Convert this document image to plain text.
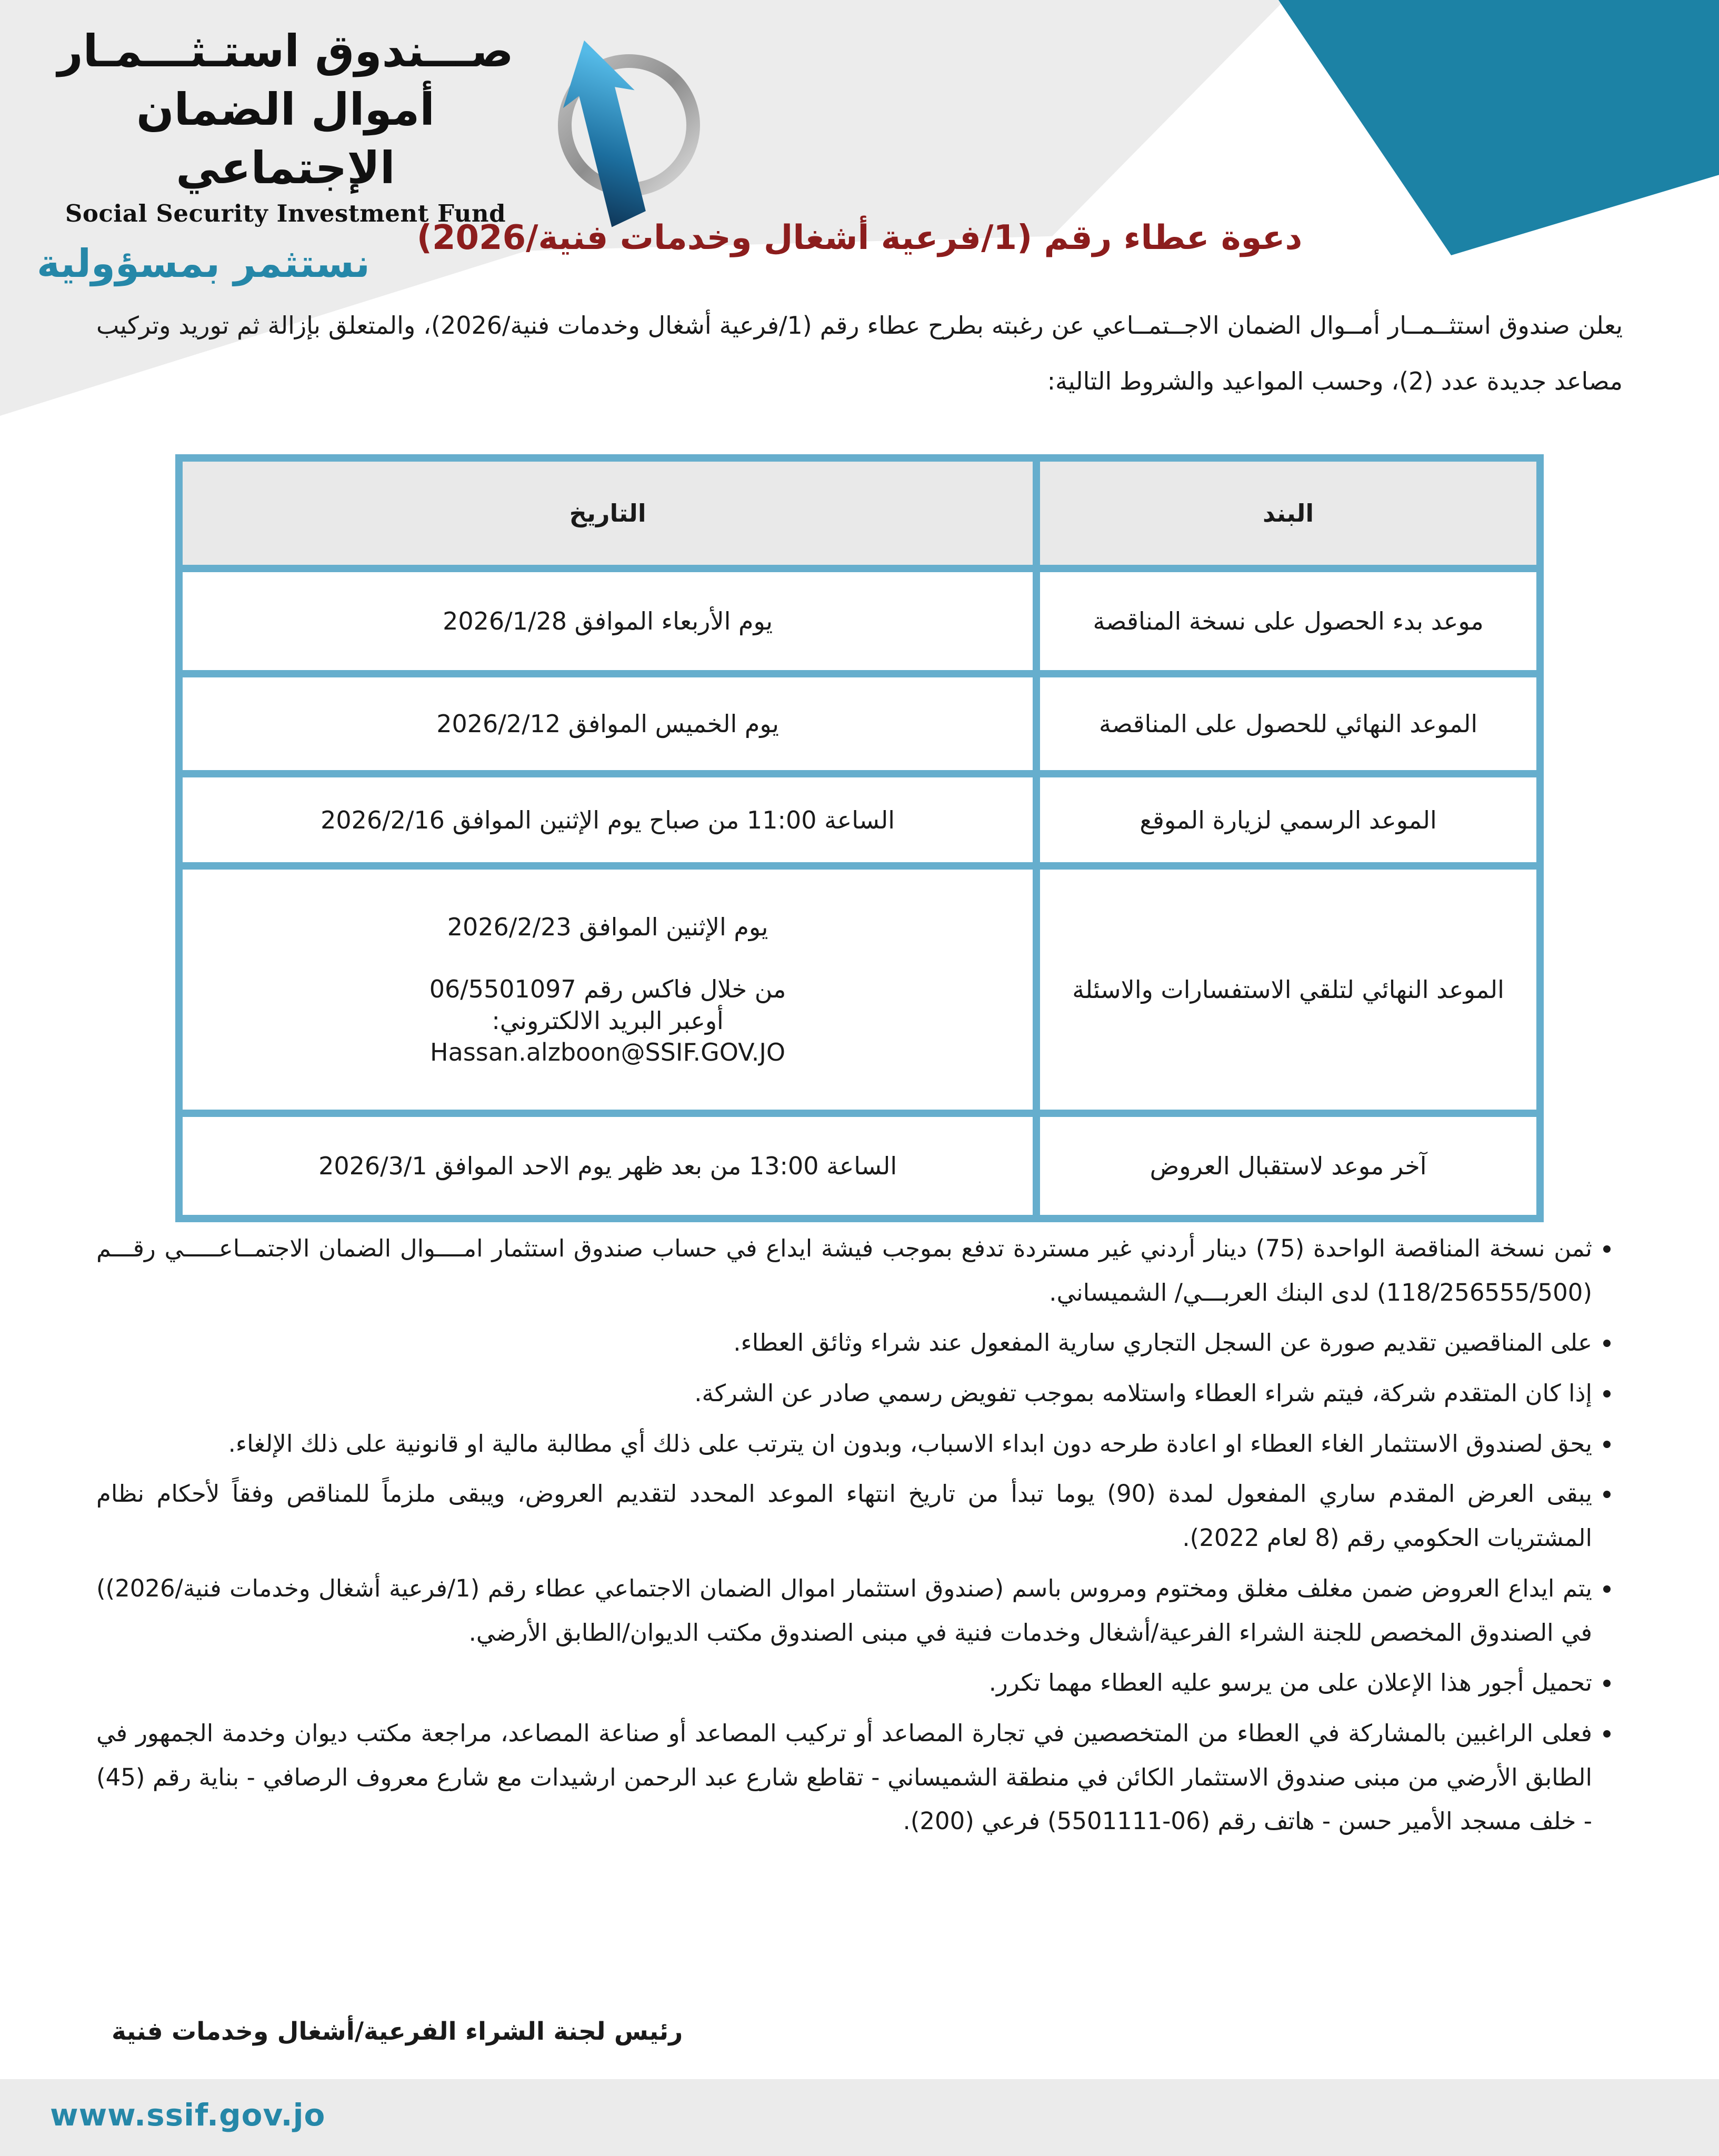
صـــندوق استـثـــمـار
أموال الضمان الإجتماعي
Social Security Investment Fund
نستثمر بمسؤولية
دعوة عطاء رقم (1/فرعية أشغال وخدمات فنية/2026)
يعلن صندوق استثــمــار أمــوال الضمان الاجــتمــاعي عن رغبته بطرح عطاء رقم (1/فرعية أشغال وخدمات فنية/2026)، والمتعلق بإزالة ثم توريد وتركيب مصاعد جديدة عدد (2)، وحسب المواعيد والشروط التالية:
البند	التاريخ
موعد بدء الحصول على نسخة المناقصة	يوم الأربعاء الموافق 2026/1/28
الموعد النهائي للحصول على المناقصة	يوم الخميس الموافق 2026/2/12
الموعد الرسمي لزيارة الموقع	الساعة 11:00 من صباح يوم الإثنين الموافق 2026/2/16
الموعد النهائي لتلقي الاستفسارات والاسئلة	يوم الإثنين الموافق 2026/2/23
من خلال فاكس رقم 06/5501097
أوعبر البريد الالكتروني:
Hassan.alzboon@SSIF.GOV.JO

آخر موعد لاستقبال العروض	الساعة 13:00 من بعد ظهر يوم الاحد الموافق 2026/3/1
• ثمن نسخة المناقصة الواحدة (75) دينار أردني غير مستردة تدفع بموجب فيشة ايداع في حساب صندوق استثمار امــــوال الضمان الاجتمــاعـــــي رقـــم (118/256555/500) لدى البنك العربـــي/ الشميساني.
• على المناقصين تقديم صورة عن السجل التجاري سارية المفعول عند شراء وثائق العطاء.
• إذا كان المتقدم شركة، فيتم شراء العطاء واستلامه بموجب تفويض رسمي صادر عن الشركة.
• يحق لصندوق الاستثمار الغاء العطاء او اعادة طرحه دون ابداء الاسباب، وبدون ان يترتب على ذلك أي مطالبة مالية او قانونية على ذلك الإلغاء.
• يبقى العرض المقدم ساري المفعول لمدة (90) يوما تبدأ من تاريخ انتهاء الموعد المحدد لتقديم العروض، ويبقى ملزماً للمناقص وفقاً لأحكام نظام المشتريات الحكومي رقم (8 لعام 2022).
• يتم ايداع العروض ضمن مغلف مغلق ومختوم ومروس باسم (صندوق استثمار اموال الضمان الاجتماعي عطاء رقم (1/فرعية أشغال وخدمات فنية/2026)) في الصندوق المخصص للجنة الشراء الفرعية/أشغال وخدمات فنية في مبنى الصندوق مكتب الديوان/الطابق الأرضي.
• تحميل أجور هذا الإعلان على من يرسو عليه العطاء مهما تكرر.
• فعلى الراغبين بالمشاركة في العطاء من المتخصصين في تجارة المصاعد أو تركيب المصاعد أو صناعة المصاعد، مراجعة مكتب ديوان وخدمة الجمهور في الطابق الأرضي من مبنى صندوق الاستثمار الكائن في منطقة الشميساني - تقاطع شارع عبد الرحمن ارشيدات مع شارع معروف الرصافي - بناية رقم (45) - خلف مسجد الأمير حسن - هاتف رقم (06-5501111) فرعي (200).
رئيس لجنة الشراء الفرعية/أشغال وخدمات فنية
www.ssif.gov.jo
